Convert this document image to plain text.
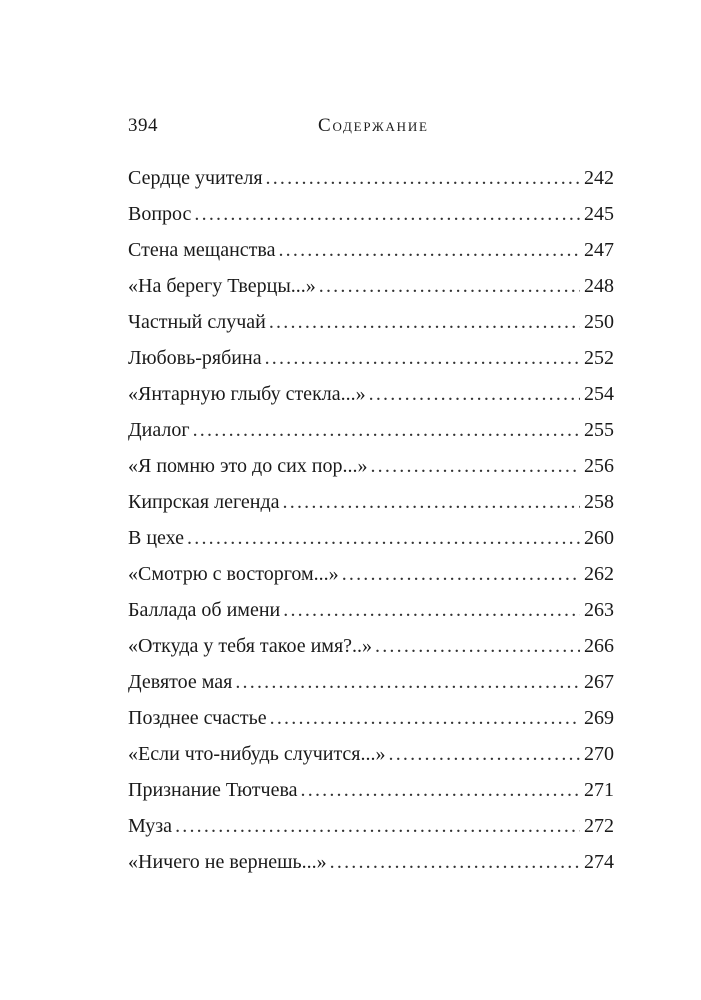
394	Содержание
Сердце учителя .....	242
Вопрос .....	245
Стена мещанства .....	247
«На берегу Тверцы...» .....	248
Частный случай .....	250
Любовь-рябина .....	252
«Янтарную глыбу стекла...» .....	254
Диалог .....	255
«Я помню это до сих пор...» .....	256
Кипрская легенда .....	258
В цехе .....	260
«Смотрю с восторгом...» .....	262
Баллада об имени .....	263
«Откуда у тебя такое имя?..» .....	266
Девятое мая .....	267
Позднее счастье .....	269
«Если что-нибудь случится...» .....	270
Признание Тютчева .....	271
Муза .....	272
«Ничего не вернешь...» .....	274
